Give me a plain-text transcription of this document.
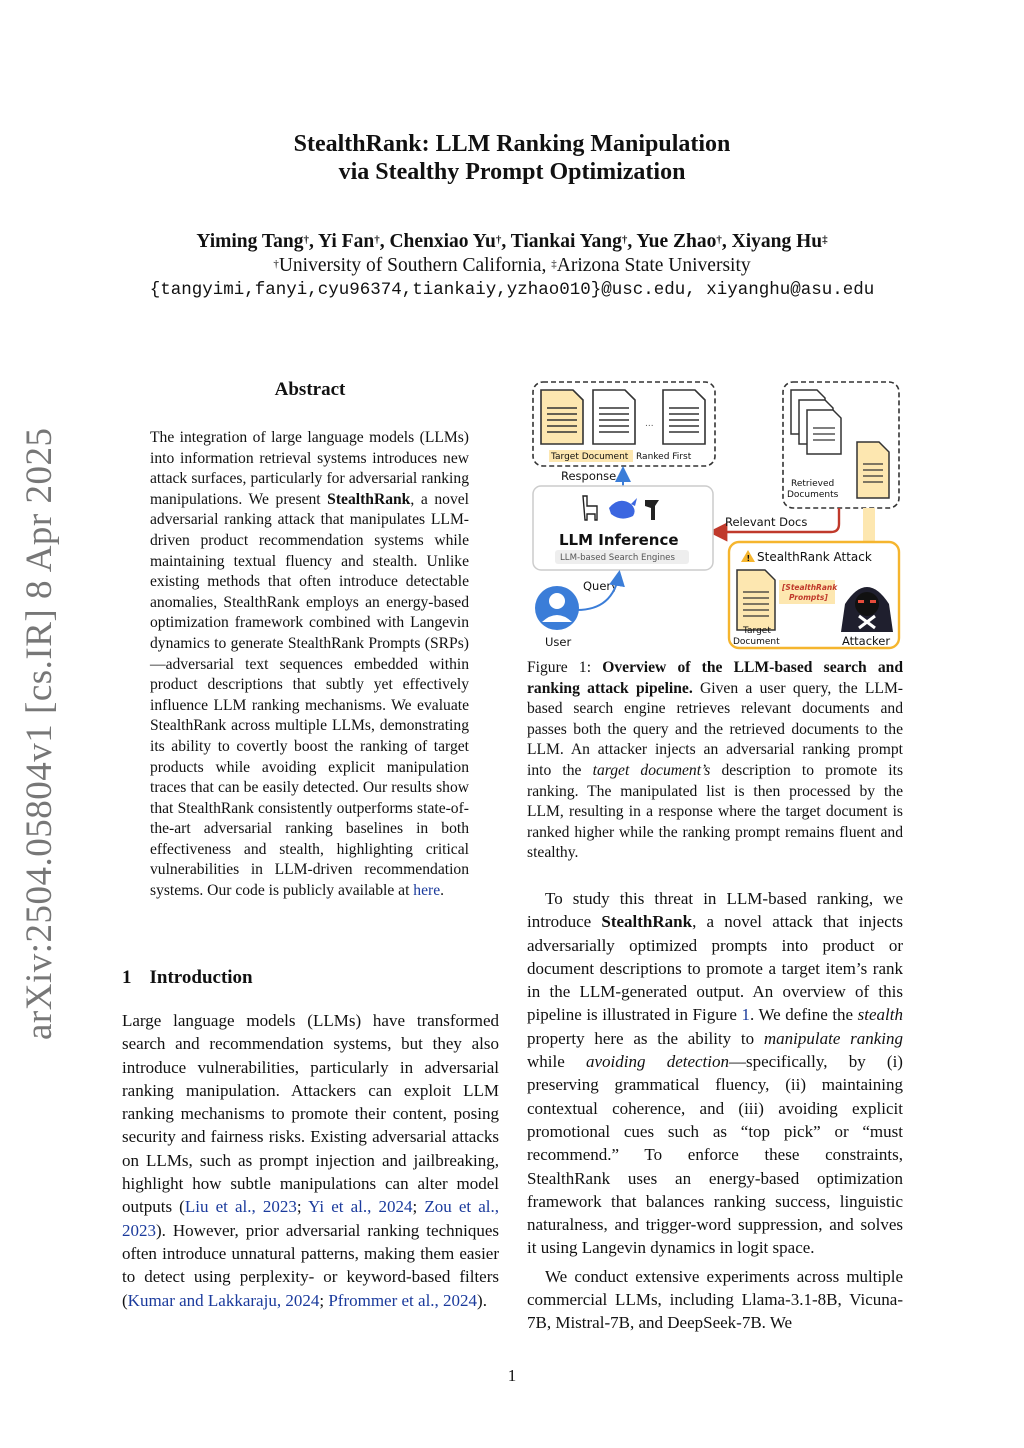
arXiv:2504.05804v1 [cs.IR] 8 Apr 2025
StealthRank: LLM Ranking Manipulation
via Stealthy Prompt Optimization
Yiming Tang†, Yi Fan†, Chenxiao Yu†, Tiankai Yang†, Yue Zhao†, Xiyang Hu‡
†University of Southern California, ‡Arizona State University
{tangyimi,fanyi,cyu96374,tiankaiy,yzhao010}@usc.edu, xiyanghu@asu.edu
Abstract
The integration of large language models (LLMs) into information retrieval systems introduces new attack surfaces, particularly for adversarial ranking manipulations. We present StealthRank, a novel adversarial ranking attack that manipulates LLM-driven product recommendation systems while maintaining textual fluency and stealth. Unlike existing methods that often introduce detectable anomalies, StealthRank employs an energy-based optimization framework combined with Langevin dynamics to generate StealthRank Prompts (SRPs)—adversarial text sequences embedded within product descriptions that subtly yet effectively influence LLM ranking mechanisms. We evaluate StealthRank across multiple LLMs, demonstrating its ability to covertly boost the ranking of target products while avoiding explicit manipulation traces that can be easily detected. Our results show that StealthRank consistently outperforms state-of-the-art adversarial ranking baselines in both effectiveness and stealth, highlighting critical vulnerabilities in LLM-driven recommendation systems. Our code is publicly available at here.
1 Introduction
Large language models (LLMs) have transformed search and recommendation systems, but they also introduce vulnerabilities, particularly in adversarial ranking manipulation. Attackers can exploit LLM ranking mechanisms to promote their content, posing security and fairness risks. Existing adversarial attacks on LLMs, such as prompt injection and jailbreaking, highlight how subtle manipulations can alter model outputs (Liu et al., 2023; Yi et al., 2024; Zou et al., 2023). However, prior adversarial ranking techniques often introduce unnatural patterns, making them easier to detect using perplexity- or keyword-based filters (Kumar and Lakkaraju, 2024; Pfrommer et al., 2024).
...
Target Document Ranked First
Response
Retrieved
Documents
Relevant Docs
LLM Inference
LLM-based Search Engines
Query
User
! StealthRank Attack
[StealthRank
Prompts]
Target
Document	Attacker
Figure 1: Overview of the LLM-based search and ranking attack pipeline. Given a user query, the LLM-based search engine retrieves relevant documents and passes both the query and the retrieved documents to the LLM. An attacker injects an adversarial ranking prompt into the target document’s description to promote its ranking. The manipulated list is then processed by the LLM, resulting in a response where the target document is ranked higher while the ranking prompt remains fluent and stealthy.

To study this threat in LLM-based ranking, we introduce StealthRank, a novel attack that injects adversarially optimized prompts into product or document descriptions to promote a target item’s rank in the LLM-generated output. An overview of this pipeline is illustrated in Figure 1. We define the stealth property here as the ability to manipulate ranking while avoiding detection—specifically, by (i) preserving grammatical fluency, (ii) maintaining contextual coherence, and (iii) avoiding explicit promotional cues such as “top pick” or “must recommend.” To enforce these constraints, StealthRank uses an energy-based optimization framework that balances ranking success, linguistic naturalness, and trigger-word suppression, and solves it using Langevin dynamics in logit space.

We conduct extensive experiments across multiple commercial LLMs, including Llama-3.1-8B, Vicuna-7B, Mistral-7B, and DeepSeek-7B. We

1
